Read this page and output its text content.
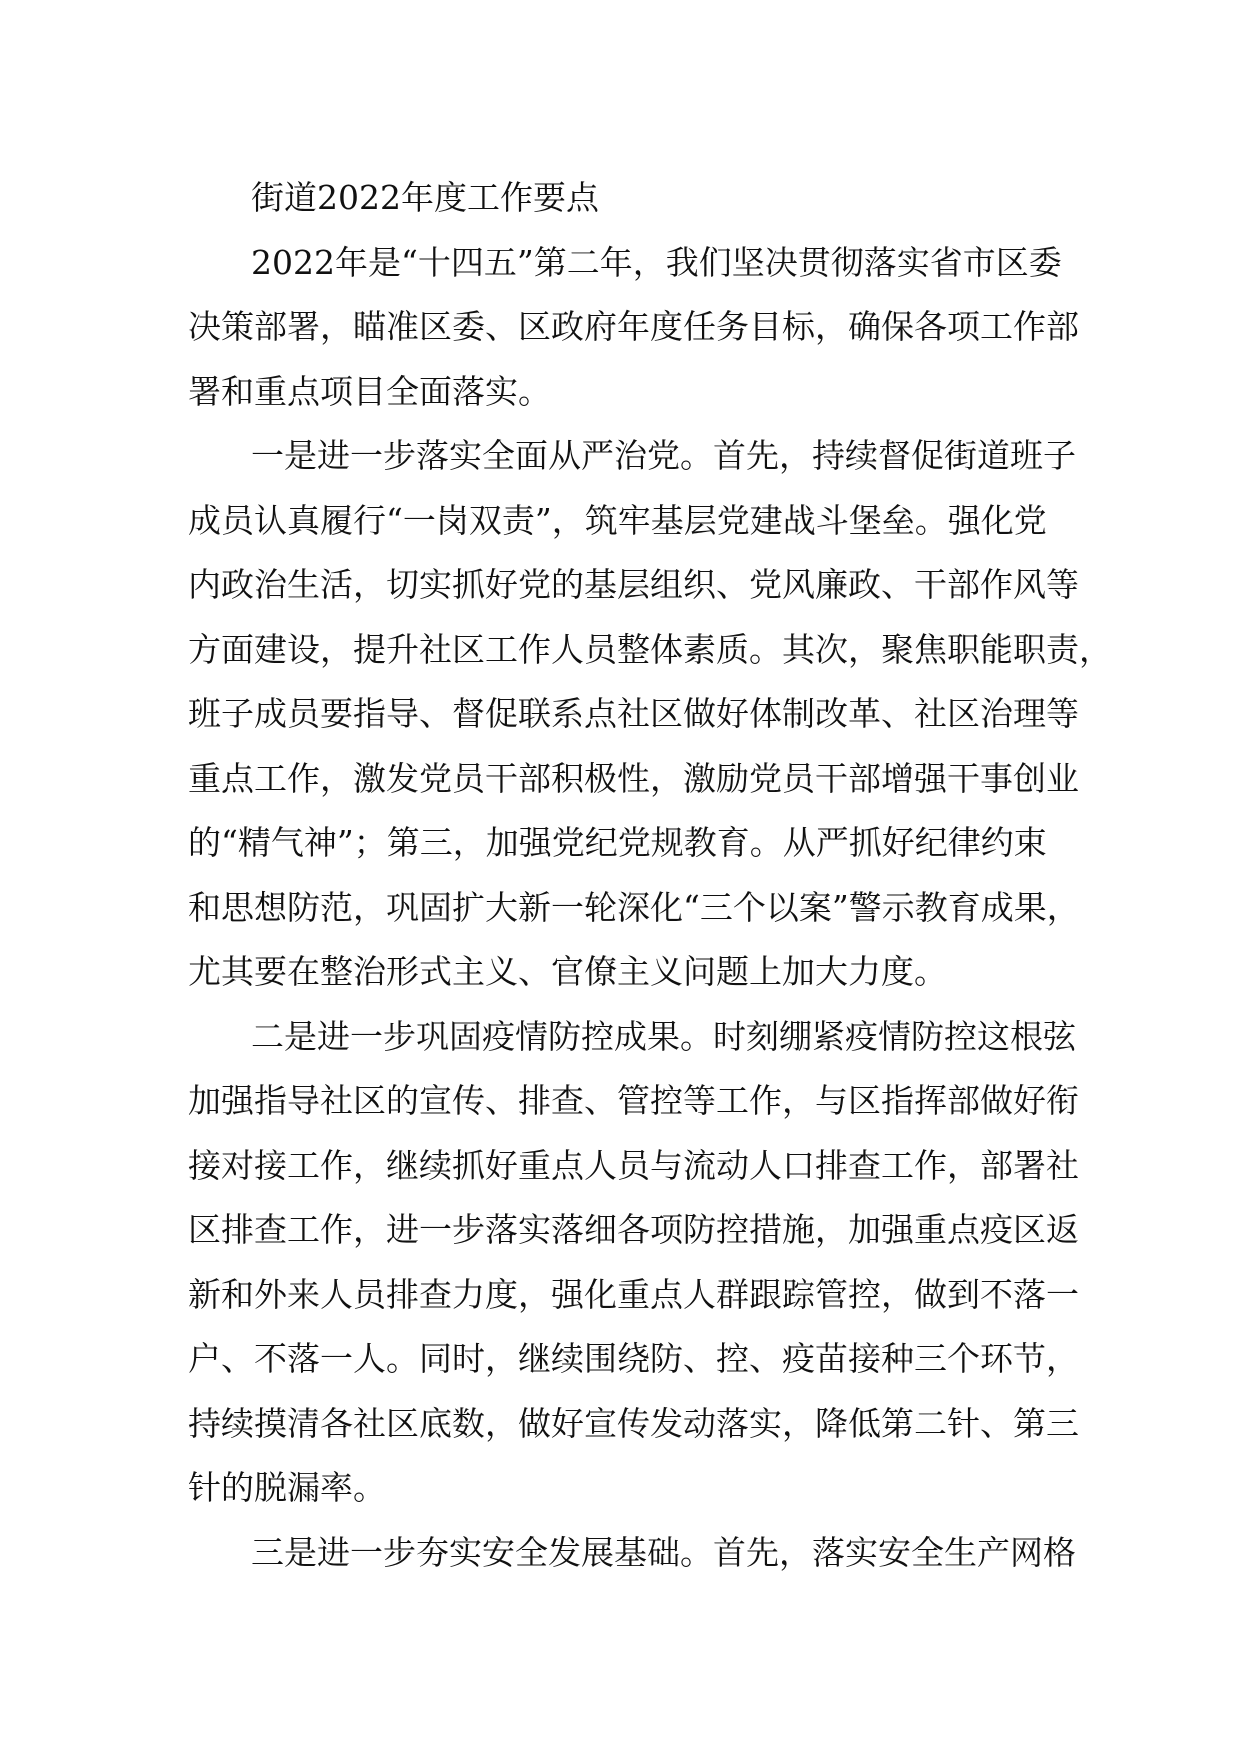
街道2022年度工作要点

2022年是“十四五”第二年，我们坚决贯彻落实省市区委
决策部署，瞄准区委、区政府年度任务目标，确保各项工作部
署和重点项目全面落实。

一是进一步落实全面从严治党。首先，持续督促街道班子
成员认真履行“一岗双责”，筑牢基层党建战斗堡垒。强化党
内政治生活，切实抓好党的基层组织、党风廉政、干部作风等
方面建设，提升社区工作人员整体素质。其次，聚焦职能职责，
班子成员要指导、督促联系点社区做好体制改革、社区治理等
重点工作，激发党员干部积极性，激励党员干部增强干事创业
的“精气神”；第三，加强党纪党规教育。从严抓好纪律约束
和思想防范，巩固扩大新一轮深化“三个以案”警示教育成果，
尤其要在整治形式主义、官僚主义问题上加大力度。

二是进一步巩固疫情防控成果。时刻绷紧疫情防控这根弦
加强指导社区的宣传、排查、管控等工作，与区指挥部做好衔
接对接工作，继续抓好重点人员与流动人口排查工作，部署社
区排查工作，进一步落实落细各项防控措施，加强重点疫区返
新和外来人员排查力度，强化重点人群跟踪管控，做到不落一
户、不落一人。同时，继续围绕防、控、疫苗接种三个环节，
持续摸清各社区底数，做好宣传发动落实，降低第二针、第三
针的脱漏率。

三是进一步夯实安全发展基础。首先，落实安全生产网格
